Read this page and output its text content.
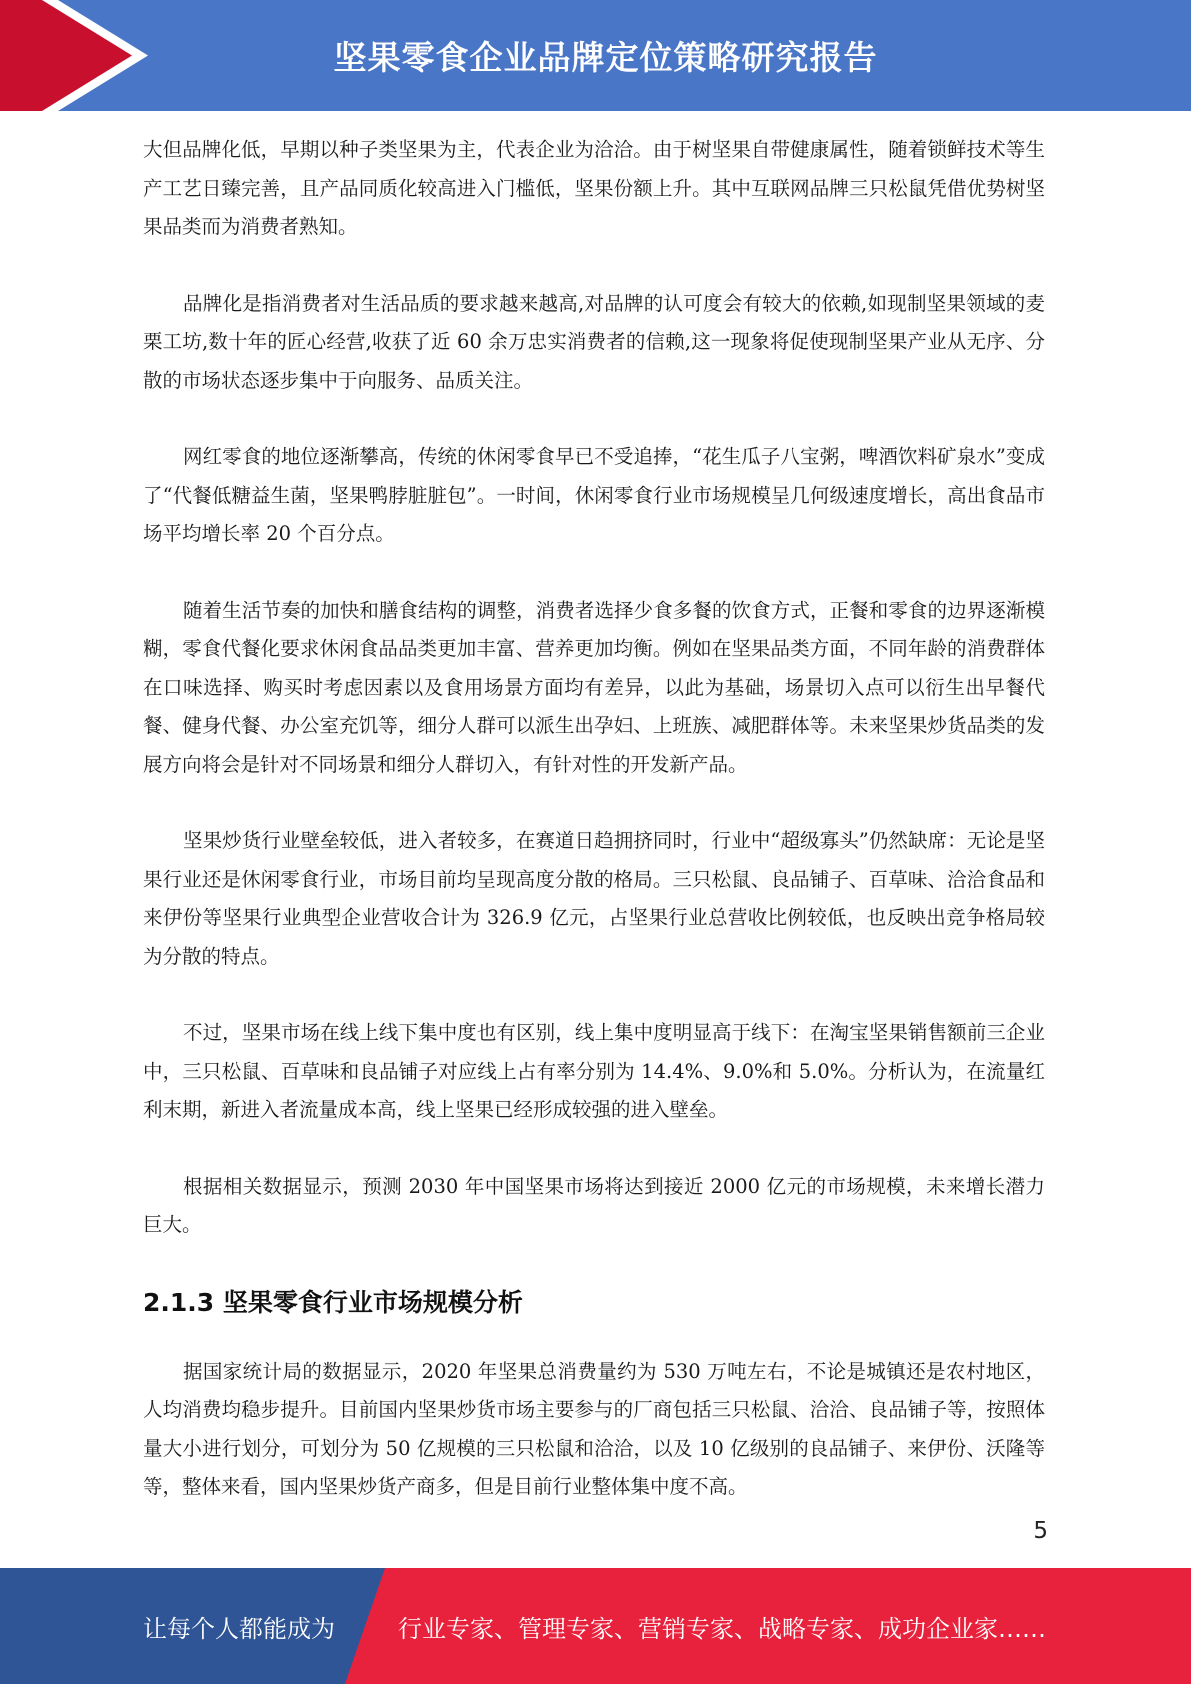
坚果零食企业品牌定位策略研究报告

大但品牌化低，早期以种子类坚果为主，代表企业为洽洽。由于树坚果自带健康属性，随着锁鲜技术等生产工艺日臻完善，且产品同质化较高进入门槛低，坚果份额上升。其中互联网品牌三只松鼠凭借优势树坚果品类而为消费者熟知。

品牌化是指消费者对生活品质的要求越来越高,对品牌的认可度会有较大的依赖,如现制坚果领域的麦栗工坊,数十年的匠心经营,收获了近 60 余万忠实消费者的信赖,这一现象将促使现制坚果产业从无序、分散的市场状态逐步集中于向服务、品质关注。

网红零食的地位逐渐攀高，传统的休闲零食早已不受追捧，“花生瓜子八宝粥，啤酒饮料矿泉水”变成了“代餐低糖益生菌，坚果鸭脖脏脏包”。一时间，休闲零食行业市场规模呈几何级速度增长，高出食品市场平均增长率 20 个百分点。

随着生活节奏的加快和膳食结构的调整，消费者选择少食多餐的饮食方式，正餐和零食的边界逐渐模糊，零食代餐化要求休闲食品品类更加丰富、营养更加均衡。例如在坚果品类方面，不同年龄的消费群体在口味选择、购买时考虑因素以及食用场景方面均有差异，以此为基础，场景切入点可以衍生出早餐代餐、健身代餐、办公室充饥等，细分人群可以派生出孕妇、上班族、减肥群体等。未来坚果炒货品类的发展方向将会是针对不同场景和细分人群切入，有针对性的开发新产品。

坚果炒货行业壁垒较低，进入者较多，在赛道日趋拥挤同时，行业中“超级寡头”仍然缺席：无论是坚果行业还是休闲零食行业，市场目前均呈现高度分散的格局。三只松鼠、良品铺子、百草味、洽洽食品和来伊份等坚果行业典型企业营收合计为 326.9 亿元，占坚果行业总营收比例较低，也反映出竞争格局较为分散的特点。

不过，坚果市场在线上线下集中度也有区别，线上集中度明显高于线下：在淘宝坚果销售额前三企业中，三只松鼠、百草味和良品铺子对应线上占有率分别为 14.4%、9.0%和 5.0%。分析认为，在流量红利末期，新进入者流量成本高，线上坚果已经形成较强的进入壁垒。

根据相关数据显示，预测 2030 年中国坚果市场将达到接近 2000 亿元的市场规模，未来增长潜力巨大。

2.1.3 坚果零食行业市场规模分析

据国家统计局的数据显示，2020 年坚果总消费量约为 530 万吨左右，不论是城镇还是农村地区，人均消费均稳步提升。目前国内坚果炒货市场主要参与的厂商包括三只松鼠、洽洽、良品铺子等，按照体量大小进行划分，可划分为 50 亿规模的三只松鼠和洽洽，以及 10 亿级别的良品铺子、来伊份、沃隆等等，整体来看，国内坚果炒货产商多，但是目前行业整体集中度不高。

5
让每个人都能成为	行业专家、管理专家、营销专家、战略专家、成功企业家……
